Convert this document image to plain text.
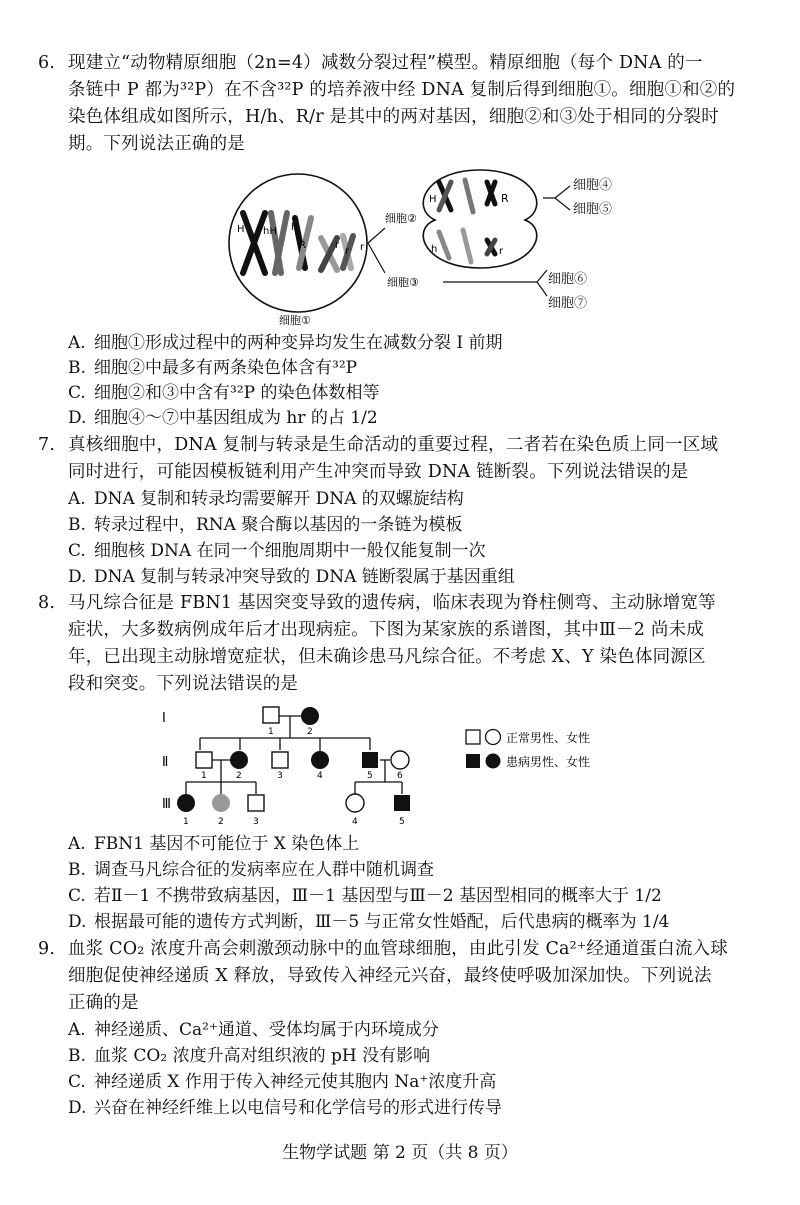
6. 现建立“动物精原细胞（2n=4）减数分裂过程”模型。精原细胞（每个 DNA 的一
条链中 P 都为³²P）在不含³²P 的培养液中经 DNA 复制后得到细胞①。细胞①和②的
染色体组成如图所示，H/h、R/r 是其中的两对基因，细胞②和③处于相同的分裂时
期。下列说法正确的是
H hH h
R
r
r r
细胞①
细胞②
细胞③
H	R
h	r
细胞④
细胞⑤
细胞⑥
细胞⑦
A. 细胞①形成过程中的两种变异均发生在减数分裂 I 前期
B. 细胞②中最多有两条染色体含有³²P
C. 细胞②和③中含有³²P 的染色体数相等
D. 细胞④～⑦中基因组成为 hr 的占 1/2
7. 真核细胞中，DNA 复制与转录是生命活动的重要过程，二者若在染色质上同一区域
同时进行，可能因模板链利用产生冲突而导致 DNA 链断裂。下列说法错误的是
A. DNA 复制和转录均需要解开 DNA 的双螺旋结构
B. 转录过程中，RNA 聚合酶以基因的一条链为模板
C. 细胞核 DNA 在同一个细胞周期中一般仅能复制一次
D. DNA 复制与转录冲突导致的 DNA 链断裂属于基因重组
8. 马凡综合征是 FBN1 基因突变导致的遗传病，临床表现为脊柱侧弯、主动脉增宽等
症状，大多数病例成年后才出现病症。下图为某家族的系谱图，其中Ⅲ－2 尚未成
年，已出现主动脉增宽症状，但未确诊患马凡综合征。不考虑 X、Y 染色体同源区
段和突变。下列说法错误的是
I
Ⅱ
Ⅲ
1	2
1	2	3	4	5	6
1	2	3	4	5
正常男性、女性
患病男性、女性
A. FBN1 基因不可能位于 X 染色体上
B. 调查马凡综合征的发病率应在人群中随机调查
C. 若Ⅱ－1 不携带致病基因，Ⅲ－1 基因型与Ⅲ－2 基因型相同的概率大于 1/2
D. 根据最可能的遗传方式判断，Ⅲ－5 与正常女性婚配，后代患病的概率为 1/4
9. 血浆 CO₂ 浓度升高会刺激颈动脉中的血管球细胞，由此引发 Ca²⁺经通道蛋白流入球
细胞促使神经递质 X 释放，导致传入神经元兴奋，最终使呼吸加深加快。下列说法
正确的是
A. 神经递质、Ca²⁺通道、受体均属于内环境成分
B. 血浆 CO₂ 浓度升高对组织液的 pH 没有影响
C. 神经递质 X 作用于传入神经元使其胞内 Na⁺浓度升高
D. 兴奋在神经纤维上以电信号和化学信号的形式进行传导
生物学试题 第 2 页（共 8 页）
